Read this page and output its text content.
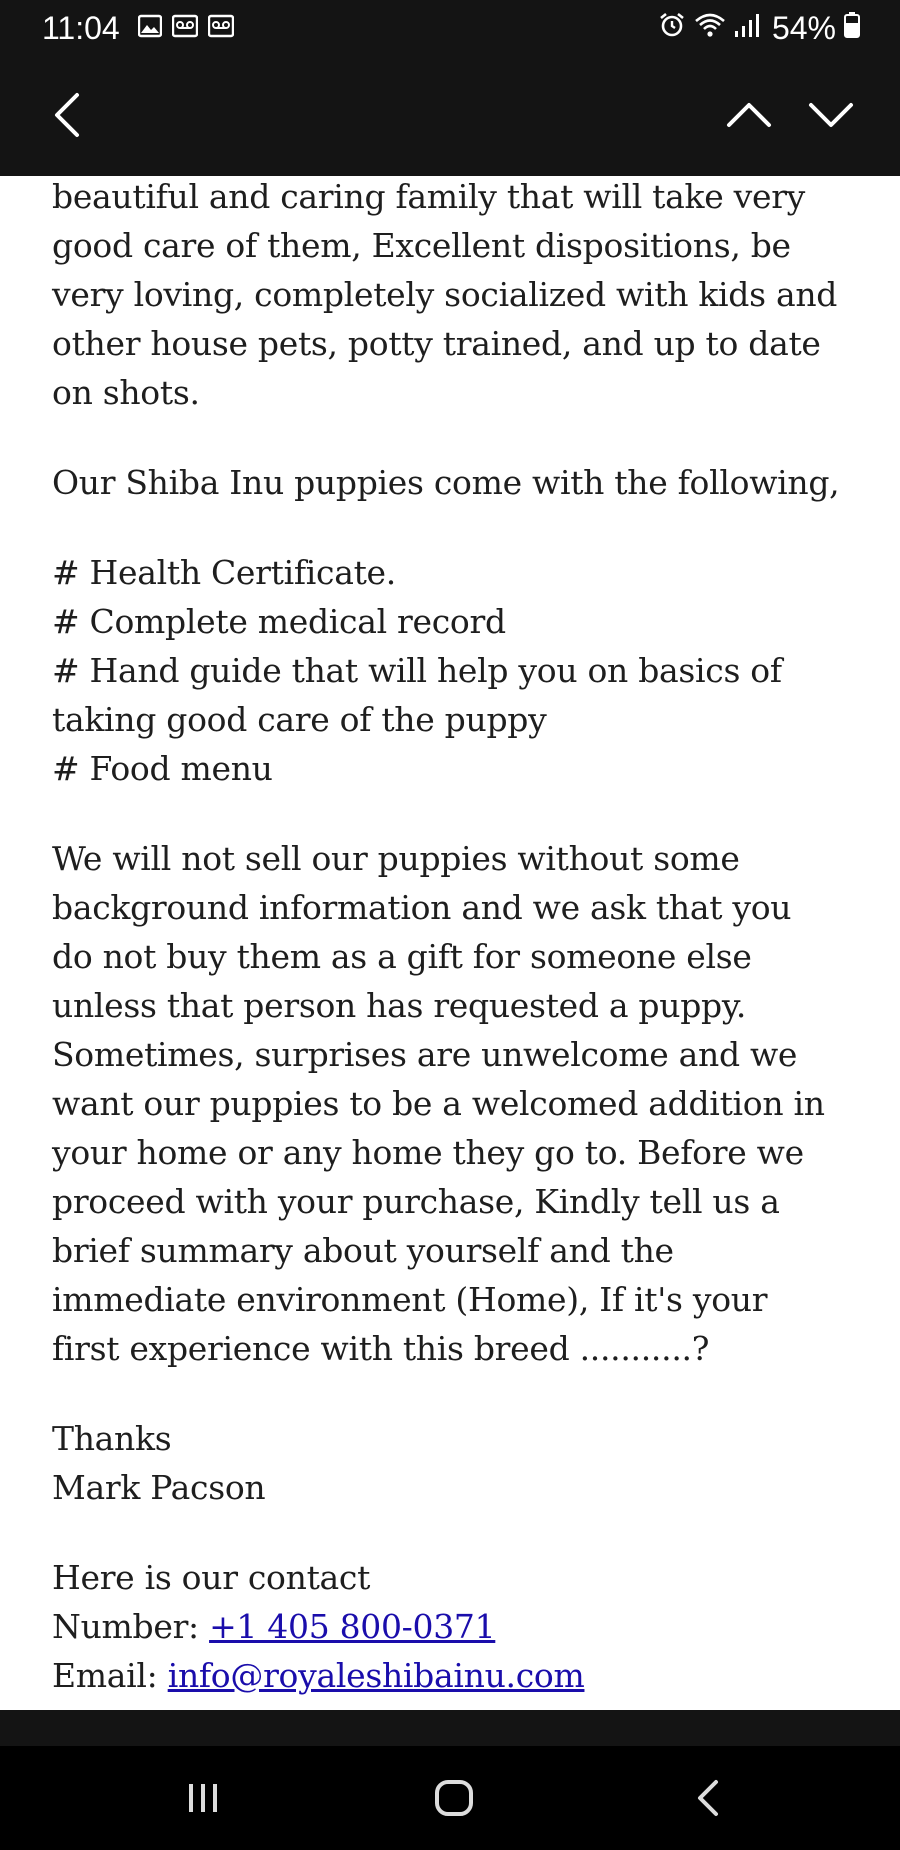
11:04	54%

beautiful and caring family that will take very
good care of them, Excellent dispositions, be
very loving, completely socialized with kids and
other house pets, potty trained, and up to date
on shots.

Our Shiba Inu puppies come with the following,

# Health Certificate.
# Complete medical record
# Hand guide that will help you on basics of
taking good care of the puppy
# Food menu

We will not sell our puppies without some
background information and we ask that you
do not buy them as a gift for someone else
unless that person has requested a puppy.
Sometimes, surprises are unwelcome and we
want our puppies to be a welcomed addition in
your home or any home they go to. Before we
proceed with your purchase, Kindly tell us a
brief summary about yourself and the
immediate environment (Home), If it's your
first experience with this breed ...........?

Thanks
Mark Pacson

Here is our contact
Number: +1 405 800-0371
Email: info@royaleshibainu.com
